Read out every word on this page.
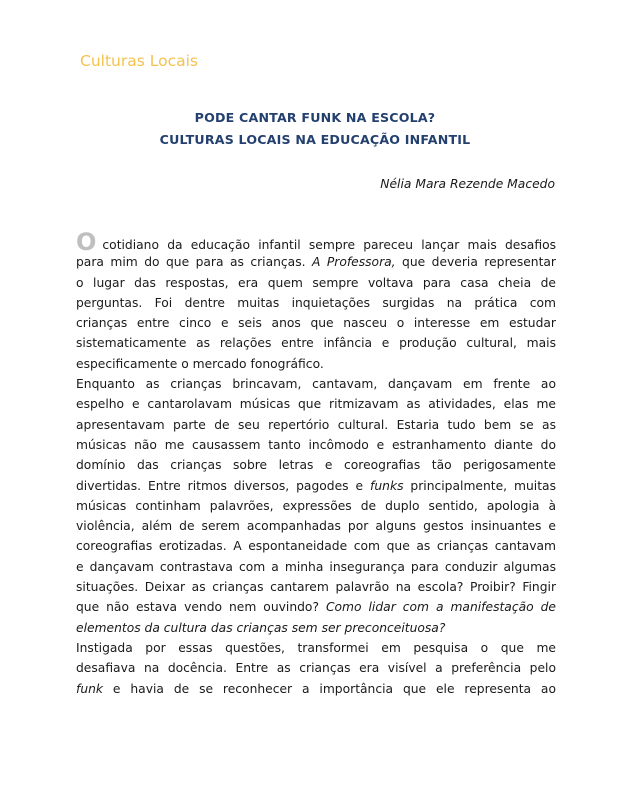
Culturas Locais
PODE CANTAR FUNK NA ESCOLA?
CULTURAS LOCAIS NA EDUCAÇÃO INFANTIL
Nélia Mara Rezende Macedo
Ocotidiano da educação infantil sempre pareceu lançar mais desafios
para mim do que para as crianças. A Professora, que deveria representar
o lugar das respostas, era quem sempre voltava para casa cheia de
perguntas. Foi dentre muitas inquietações surgidas na prática com
crianças entre cinco e seis anos que nasceu o interesse em estudar
sistematicamente as relações entre infância e produção cultural, mais
especificamente o mercado fonográfico.
Enquanto as crianças brincavam, cantavam, dançavam em frente ao
espelho e cantarolavam músicas que ritmizavam as atividades, elas me
apresentavam parte de seu repertório cultural. Estaria tudo bem se as
músicas não me causassem tanto incômodo e estranhamento diante do
domínio das crianças sobre letras e coreografias tão perigosamente
divertidas. Entre ritmos diversos, pagodes e funks principalmente, muitas
músicas continham palavrões, expressões de duplo sentido, apologia à
violência, além de serem acompanhadas por alguns gestos insinuantes e
coreografias erotizadas. A espontaneidade com que as crianças cantavam
e dançavam contrastava com a minha insegurança para conduzir algumas
situações. Deixar as crianças cantarem palavrão na escola? Proibir? Fingir
que não estava vendo nem ouvindo? Como lidar com a manifestação de
elementos da cultura das crianças sem ser preconceituosa?
Instigada por essas questões, transformei em pesquisa o que me
desafiava na docência. Entre as crianças era visível a preferência pelo
funk e havia de se reconhecer a importância que ele representa ao
